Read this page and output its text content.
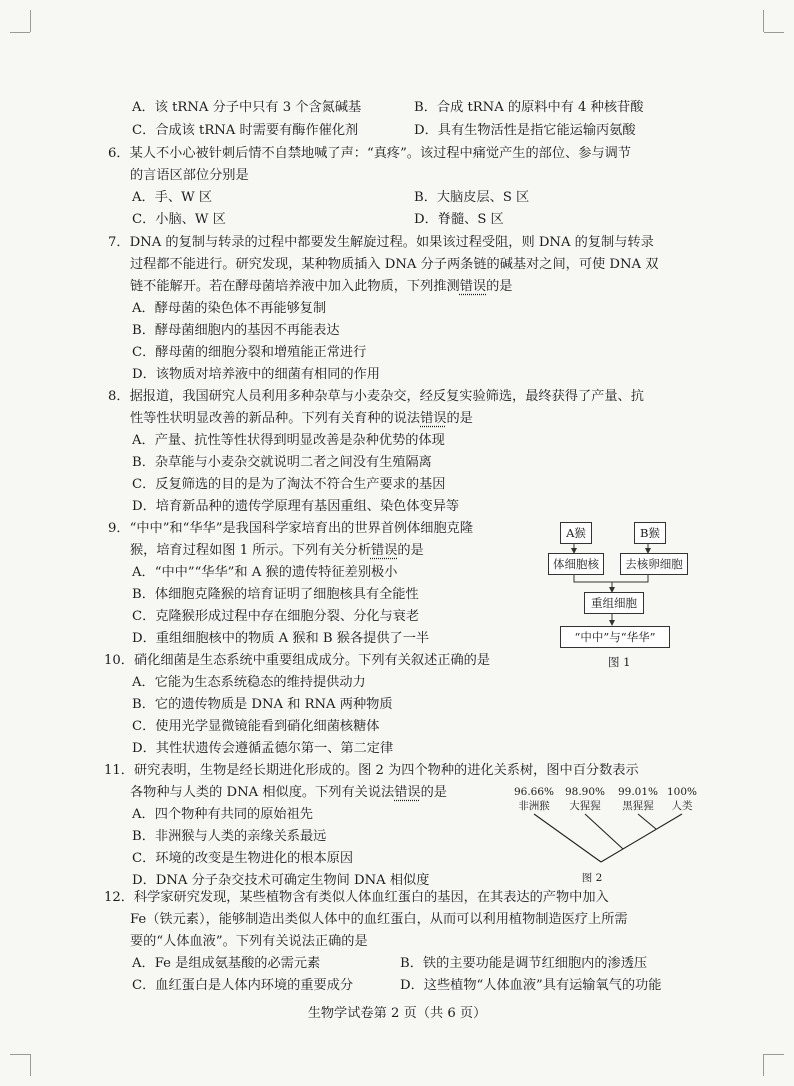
A．该 tRNA 分子中只有 3 个含氮碱基	B．合成 tRNA 的原料中有 4 种核苷酸
C．合成该 tRNA 时需要有酶作催化剂	D．具有生物活性是指它能运输丙氨酸
6．某人不小心被针刺后情不自禁地喊了声：“真疼”。该过程中痛觉产生的部位、参与调节
的言语区部位分别是
A．手、W 区	B．大脑皮层、S 区
C．小脑、W 区	D．脊髓、S 区
7．DNA 的复制与转录的过程中都要发生解旋过程。如果该过程受阻，则 DNA 的复制与转录
过程都不能进行。研究发现，某种物质插入 DNA 分子两条链的碱基对之间，可使 DNA 双
链不能解开。若在酵母菌培养液中加入此物质，下列推测错误的是
A．酵母菌的染色体不再能够复制
B．酵母菌细胞内的基因不再能表达
C．酵母菌的细胞分裂和增殖能正常进行
D．该物质对培养液中的细菌有相同的作用
8．据报道，我国研究人员利用多种杂草与小麦杂交，经反复实验筛选，最终获得了产量、抗
性等性状明显改善的新品种。下列有关育种的说法错误的是
A．产量、抗性等性状得到明显改善是杂种优势的体现
B．杂草能与小麦杂交就说明二者之间没有生殖隔离
C．反复筛选的目的是为了淘汰不符合生产要求的基因
D．培育新品种的遗传学原理有基因重组、染色体变异等
9．“中中”和“华华”是我国科学家培育出的世界首例体细胞克隆
猴，培育过程如图 1 所示。下列有关分析错误的是
A．“中中”“华华”和 A 猴的遗传特征差别极小
B．体细胞克隆猴的培育证明了细胞核具有全能性
C．克隆猴形成过程中存在细胞分裂、分化与衰老
D．重组细胞核中的物质 A 猴和 B 猴各提供了一半
A猴	B猴
体细胞核	去核卵细胞
重组细胞
“中中”与“华华”
图 1
10．硝化细菌是生态系统中重要组成成分。下列有关叙述正确的是
A．它能为生态系统稳态的维持提供动力
B．它的遗传物质是 DNA 和 RNA 两种物质
C．使用光学显微镜能看到硝化细菌核糖体
D．其性状遗传会遵循孟德尔第一、第二定律
11．研究表明，生物是经长期进化形成的。图 2 为四个物种的进化关系树，图中百分数表示
各物种与人类的 DNA 相似度。下列有关说法错误的是
A．四个物种有共同的原始祖先
B．非洲猴与人类的亲缘关系最远
C．环境的改变是生物进化的根本原因
D．DNA 分子杂交技术可确定生物间 DNA 相似度
96.66% 98.90% 99.01% 100%
非洲猴 大猩猩 黑猩猩 人类
图 2
12．科学家研究发现，某些植物含有类似人体血红蛋白的基因，在其表达的产物中加入
Fe（铁元素），能够制造出类似人体中的血红蛋白，从而可以利用植物制造医疗上所需
要的“人体血液”。下列有关说法正确的是
A．Fe 是组成氨基酸的必需元素	B．铁的主要功能是调节红细胞内的渗透压
C．血红蛋白是人体内环境的重要成分	D．这些植物“人体血液”具有运输氧气的功能
生物学试卷第 2 页（共 6 页）
